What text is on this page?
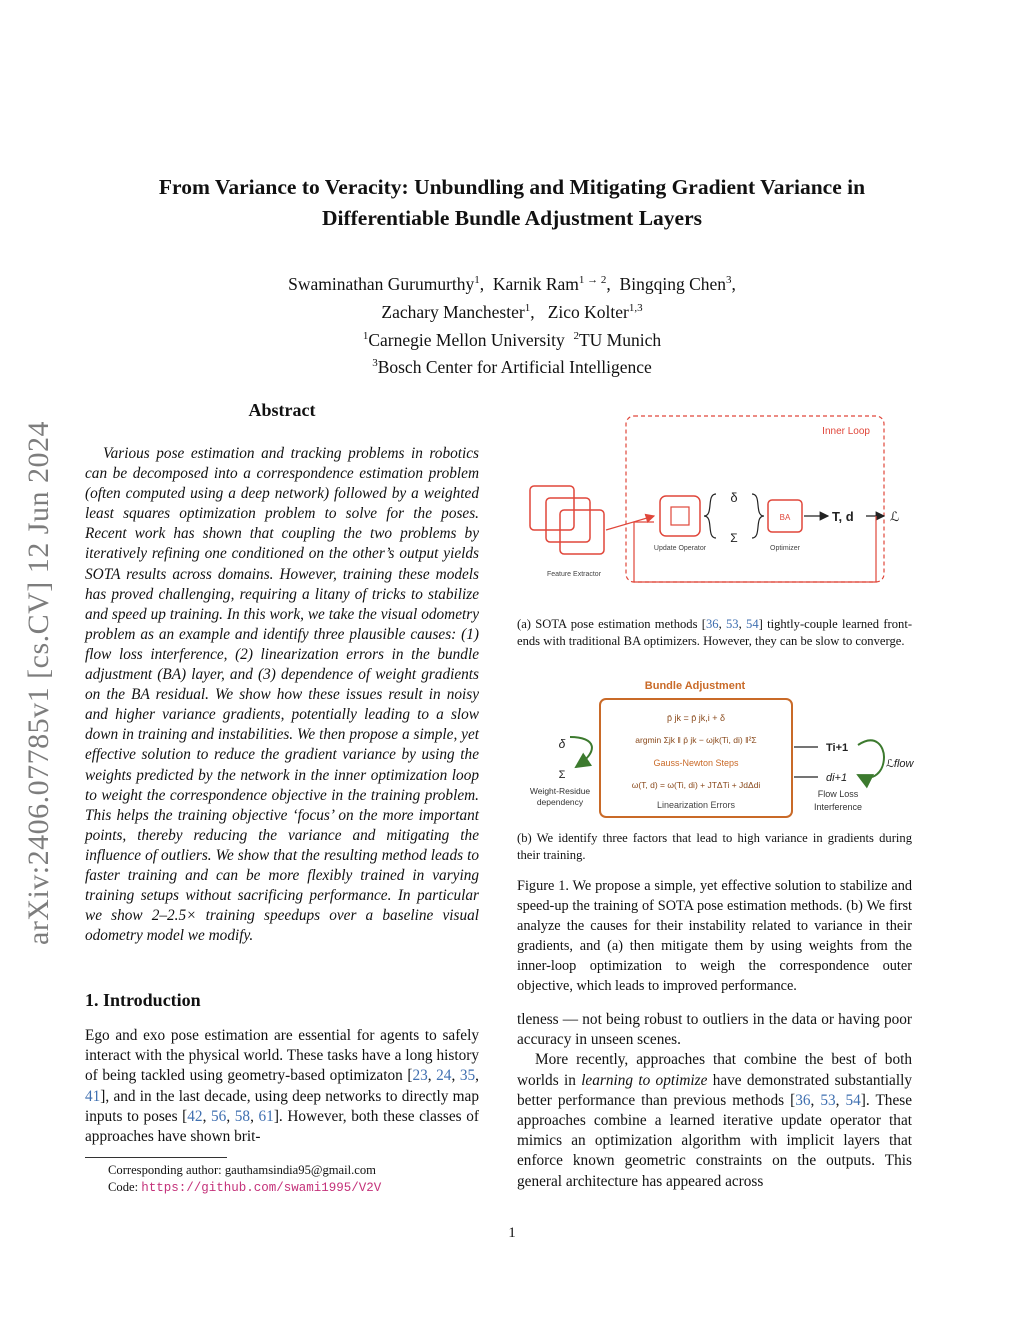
arXiv:2406.07785v1 [cs.CV] 12 Jun 2024
From Variance to Veracity: Unbundling and Mitigating Gradient Variance in
Differentiable Bundle Adjustment Layers
Swaminathan Gurumurthy$^1$,  Karnik Ram$^{1 \to 2}$,  Bingqing Chen$^3$,
Zachary Manchester$^1$,   Zico Kolter$^{1,3}$
$^1$Carnegie Mellon University $^2$TU Munich
$^3$Bosch Center for Artificial Intelligence
Abstract

Various pose estimation and tracking problems in robotics can be decomposed into a correspondence estimation problem (often computed using a deep network) followed by a weighted least squares optimization problem to solve for the poses. Recent work has shown that coupling the two problems by iteratively refining one conditioned on the other’s output yields SOTA results across domains. However, training these models has proved challenging, requiring a litany of tricks to stabilize and speed up training. In this work, we take the visual odometry problem as an example and identify three plausible causes: (1) flow loss interference, (2) linearization errors in the bundle adjustment (BA) layer, and (3) dependence of weight gradients on the BA residual. We show how these issues result in noisy and higher variance gradients, potentially leading to a slow down in training and instabilities. We then propose a simple, yet effective solution to reduce the gradient variance by using the weights predicted by the network in the inner optimization loop to weight the correspondence objective in the training problem. This helps the training objective ‘focus’ on the more important points, thereby reducing the variance and mitigating the influence of outliers. We show that the resulting method leads to faster training and can be more flexibly trained in varying training setups without sacrificing performance. In particular we show 2–2.5× training speedups over a baseline visual odometry model we modify.

1. Introduction

Ego and exo pose estimation are essential for agents to safely interact with the physical world. These tasks have a long history of being tackled using geometry-based optimizaton [23, 24, 35, 41], and in the last decade, using deep networks to directly map inputs to poses [42, 56, 58, 61]. However, both these classes of approaches have shown brit-

Corresponding author: gauthamsindia95@gmail.com
Code: https://github.com/swami1995/V2V
Inner Loop
Feature Extractor
Update Operator
δ
Σ
BA
Optimizer
T, d	ℒ
(a) SOTA pose estimation methods [36, 53, 54] tightly-couple learned front-ends with traditional BA optimizers. However, they can be slow to converge.
Bundle Adjustment
p̄ jk = p̄ jk,i + δ
argmin Σjk ‖ p̄ jk − ωjk(Ti, di) ‖²Σ
Gauss-Newton Steps
ω(T, d) = ω(Ti, di) + JTΔTi + JdΔdi
Linearization Errors
δ
Σ
Weight-Residue
dependency
Ti+1
di+1
ℒflow
Flow Loss
Interference
(b) We identify three factors that lead to high variance in gradients during their training.
Figure 1. We propose a simple, yet effective solution to stabilize and speed-up the training of SOTA pose estimation methods. (b) We first analyze the causes for their instability related to variance in their gradients, and (a) then mitigate them by using weights from the inner-loop optimization to weigh the correspondence outer objective, which leads to improved performance.

tleness — not being robust to outliers in the data or having poor accuracy in unseen scenes.

More recently, approaches that combine the best of both worlds in learning to optimize have demonstrated substantially better performance than previous methods [36, 53, 54]. These approaches combine a learned iterative update operator that mimics an optimization algorithm with implicit layers that enforce known geometric constraints on the outputs. This general architecture has appeared across

1
